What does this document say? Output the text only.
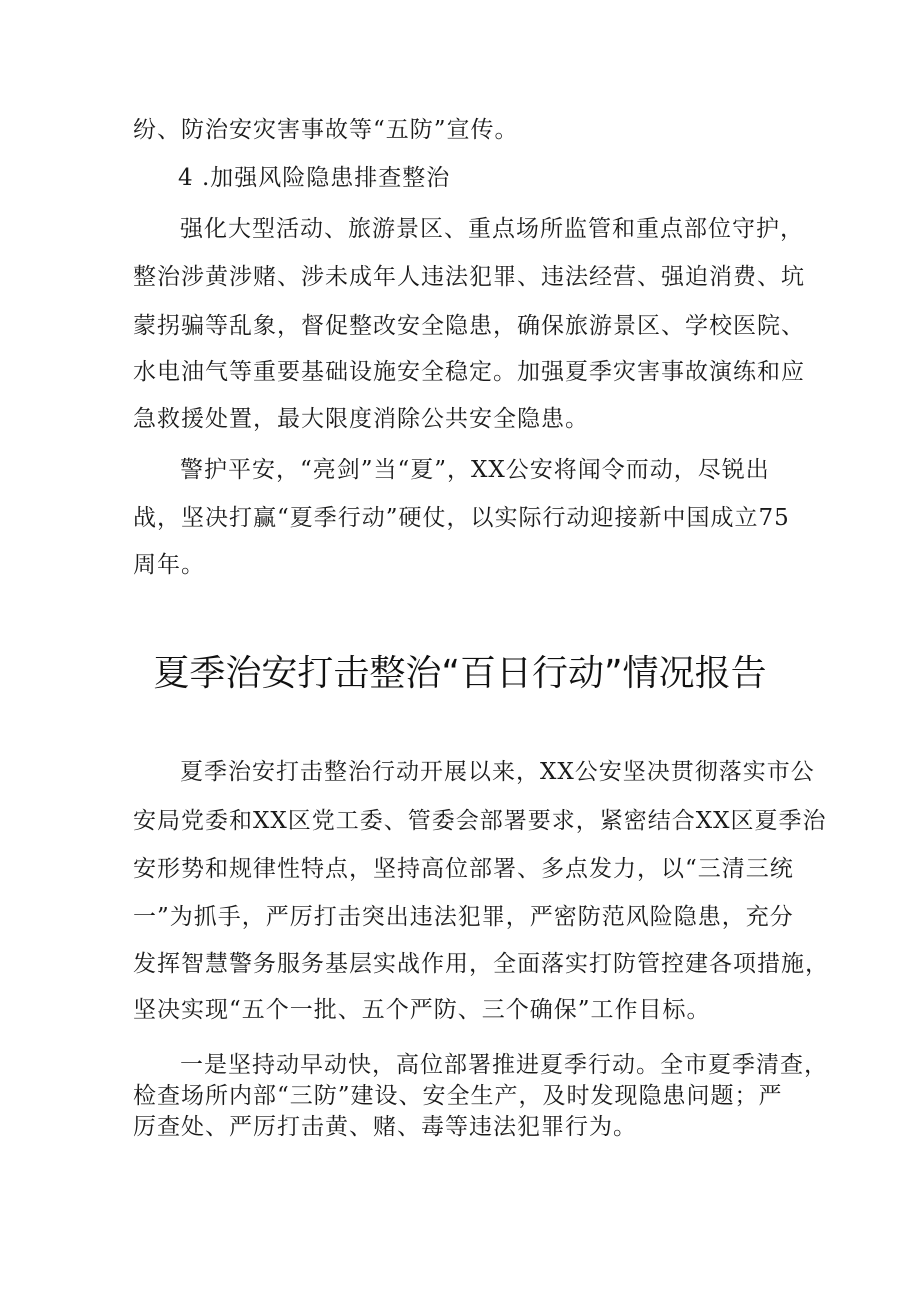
纷、防治安灾害事故等“五防”宣传。

4 .加强风险隐患排查整治

强化大型活动、旅游景区、重点场所监管和重点部位守护，

整治涉黄涉赌、涉未成年人违法犯罪、违法经营、强迫消费、坑

蒙拐骗等乱象，督促整改安全隐患，确保旅游景区、学校医院、

水电油气等重要基础设施安全稳定。加强夏季灾害事故演练和应

急救援处置，最大限度消除公共安全隐患。

警护平安，“亮剑”当“夏”，XX公安将闻令而动，尽锐出

战，坚决打赢“夏季行动”硬仗，以实际行动迎接新中国成立75

周年。

夏季治安打击整治“百日行动”情况报告

夏季治安打击整治行动开展以来，XX公安坚决贯彻落实市公

安局党委和XX区党工委、管委会部署要求，紧密结合XX区夏季治

安形势和规律性特点，坚持高位部署、多点发力，以“三清三统

一”为抓手，严厉打击突出违法犯罪，严密防范风险隐患，充分

发挥智慧警务服务基层实战作用，全面落实打防管控建各项措施，

坚决实现“五个一批、五个严防、三个确保”工作目标。

一是坚持动早动快，高位部署推进夏季行动。全市夏季清查，

检查场所内部“三防”建设、安全生产，及时发现隐患问题；严

厉查处、严厉打击黄、赌、毒等违法犯罪行为。
